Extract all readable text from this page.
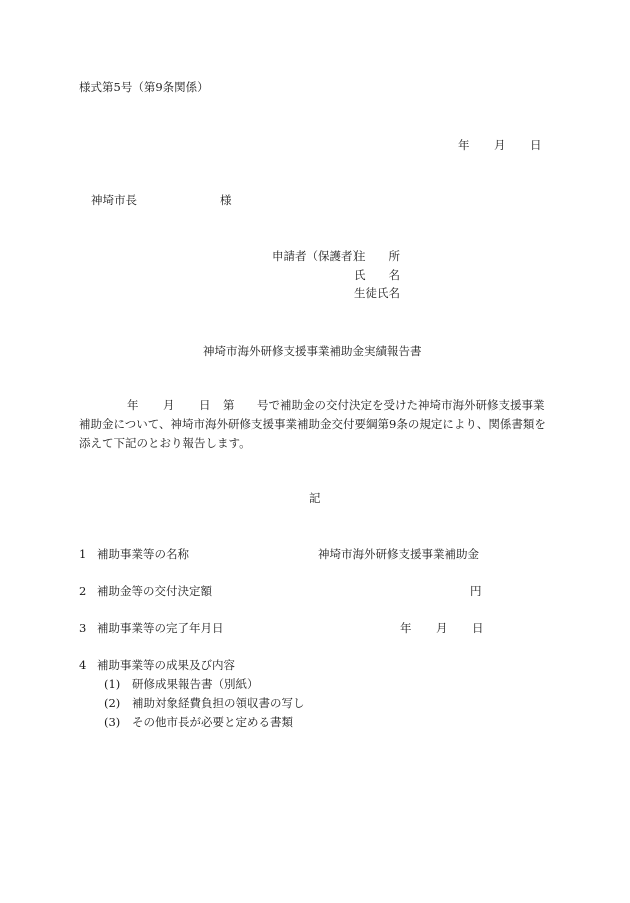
様式第5号（第9条関係）
年 月 日
神埼市長	様
申請者（保護者）
住　　所
氏　　名
生徒氏名
神埼市海外研修支援事業補助金実績報告書
年 月 日 第 号で補助金の交付決定を受けた神埼市海外研修支援事業
補助金について、神埼市海外研修支援事業補助金交付要綱第9条の規定により、関係書類を
添えて下記のとおり報告します。
記
1 補助事業等の名称	神埼市海外研修支援事業補助金
2 補助金等の交付決定額	円
3 補助事業等の完了年月日	年 月 日
4 補助事業等の成果及び内容
(1) 研修成果報告書（別紙）
(2) 補助対象経費負担の領収書の写し
(3) その他市長が必要と定める書類
